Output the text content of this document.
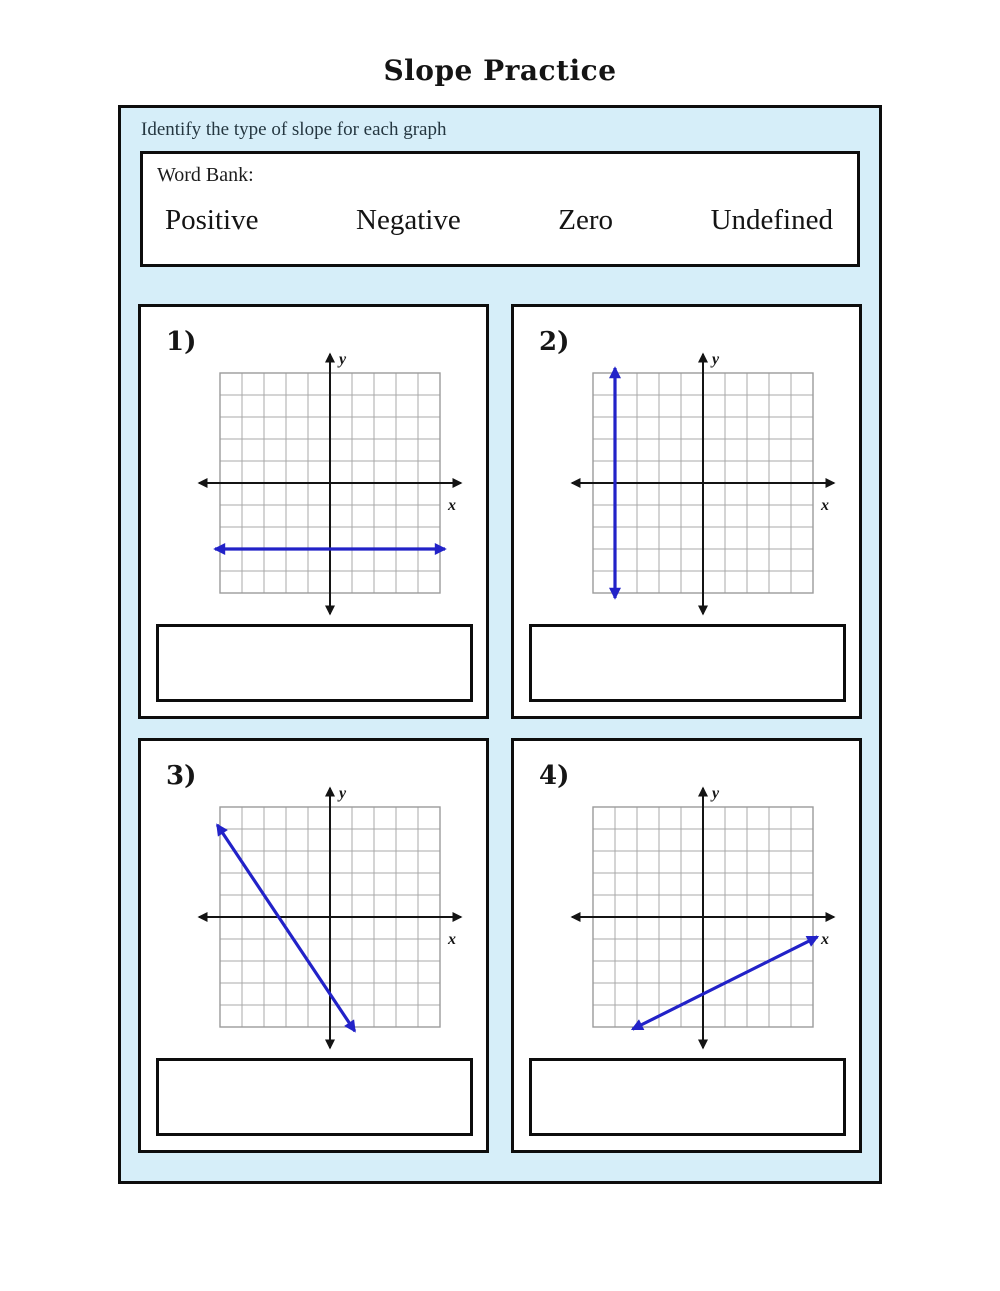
Slope Practice
Identify the type of slope for each graph
Word Bank:
Positive	Negative	Zero	Undefined
1)
y
x
2)
y
x
3)
y
x
4)
y
x
